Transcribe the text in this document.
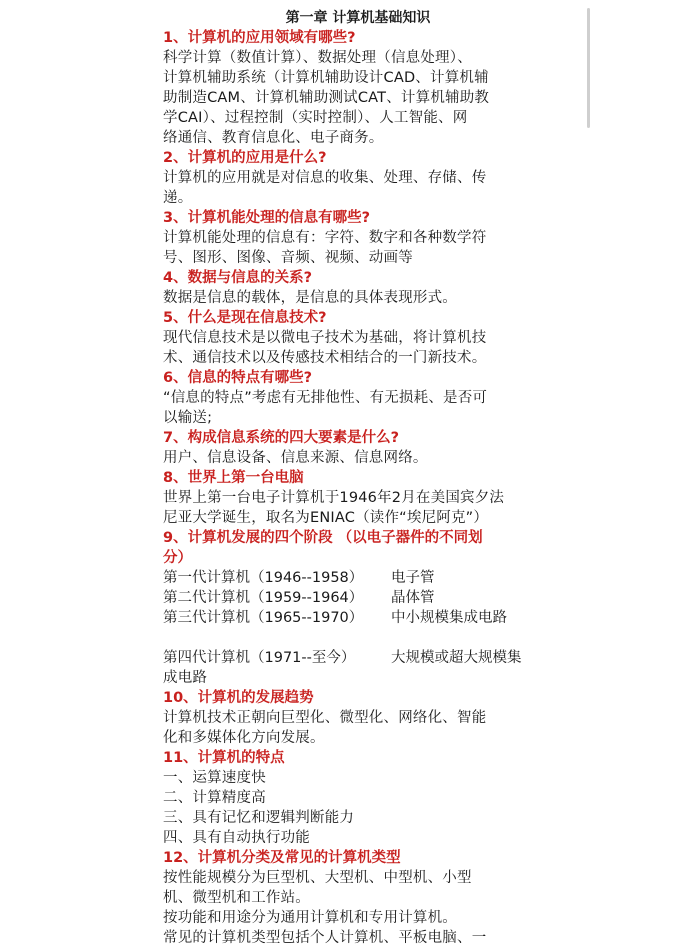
第一章 计算机基础知识
1、计算机的应用领域有哪些?
科学计算（数值计算）、数据处理（信息处理）、
计算机辅助系统（计算机辅助设计CAD、计算机辅
助制造CAM、计算机辅助测试CAT、计算机辅助教
学CAI）、过程控制（实时控制）、人工智能、网
络通信、教育信息化、电子商务。
2、计算机的应用是什么?
计算机的应用就是对信息的收集、处理、存储、传
递。
3、计算机能处理的信息有哪些?
计算机能处理的信息有：字符、数字和各种数学符
号、图形、图像、音频、视频、动画等
4、数据与信息的关系?
数据是信息的载体，是信息的具体表现形式。
5、什么是现在信息技术?
现代信息技术是以微电子技术为基础，将计算机技
术、通信技术以及传感技术相结合的一门新技术。
6、信息的特点有哪些?
“信息的特点”考虑有无排他性、有无损耗、是否可
以输送;
7、构成信息系统的四大要素是什么?
用户、信息设备、信息来源、信息网络。
8、世界上第一台电脑
世界上第一台电子计算机于1946年2月在美国宾夕法
尼亚大学诞生，取名为ENIAC（读作“埃尼阿克”）
9、计算机发展的四个阶段 （以电子器件的不同划
分）
第一代计算机（1946--1958）	电子管
第二代计算机（1959--1964）	晶体管
第三代计算机（1965--1970）	中小规模集成电路
第四代计算机（1971--至今）	大规模或超大规模集
成电路
10、计算机的发展趋势
计算机技术正朝向巨型化、微型化、网络化、智能
化和多媒体化方向发展。
11、计算机的特点
一、运算速度快
二、计算精度高
三、具有记忆和逻辑判断能力
四、具有自动执行功能
12、计算机分类及常见的计算机类型
按性能规模分为巨型机、大型机、中型机、小型
机、微型机和工作站。
按功能和用途分为通用计算机和专用计算机。
常见的计算机类型包括个人计算机、平板电脑、一
